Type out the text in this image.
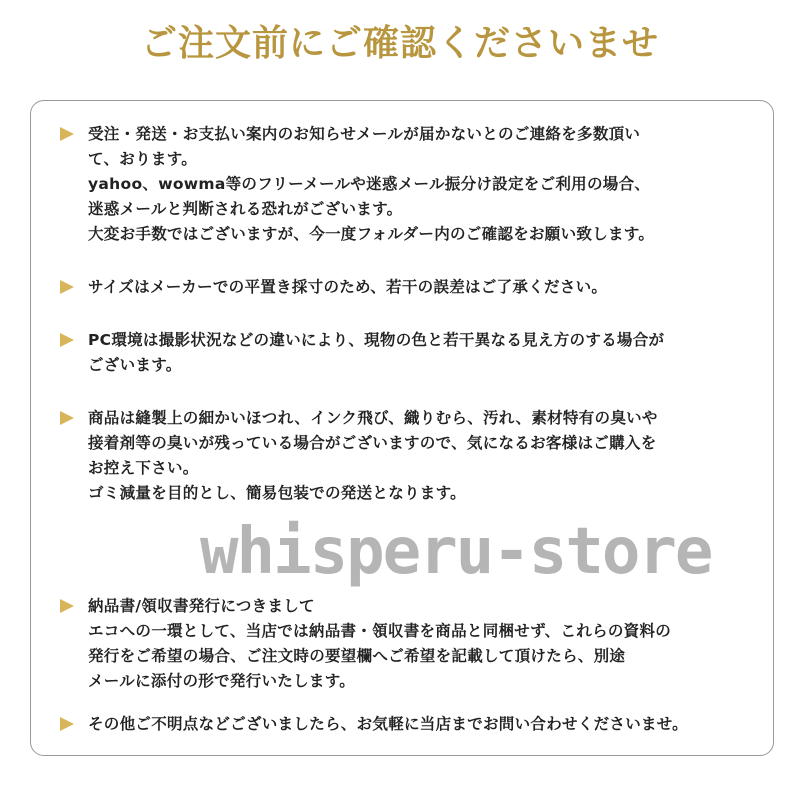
ご注文前にご確認くださいませ
受注・発送・お支払い案内のお知らせメールが届かないとのご連絡を多数頂い
て、おります。
yahoo、wowma等のフリーメールや迷惑メール振分け設定をご利用の場合、
迷惑メールと判断される恐れがございます。
大変お手数ではございますが、今一度フォルダー内のご確認をお願い致します。
サイズはメーカーでの平置き採寸のため、若干の誤差はご了承ください。
PC環境は撮影状況などの違いにより、現物の色と若干異なる見え方のする場合が
ございます。
商品は縫製上の細かいほつれ、インク飛び、織りむら、汚れ、素材特有の臭いや
接着剤等の臭いが残っている場合がございますので、気になるお客様はご購入を
お控え下さい。
ゴミ減量を目的とし、簡易包装での発送となります。
whisperu-store
納品書/領収書発行につきまして
エコへの一環として、当店では納品書・領収書を商品と同梱せず、これらの資料の
発行をご希望の場合、ご注文時の要望欄へご希望を記載して頂けたら、別途
メールに添付の形で発行いたします。
その他ご不明点などございましたら、お気軽に当店までお問い合わせくださいませ。
